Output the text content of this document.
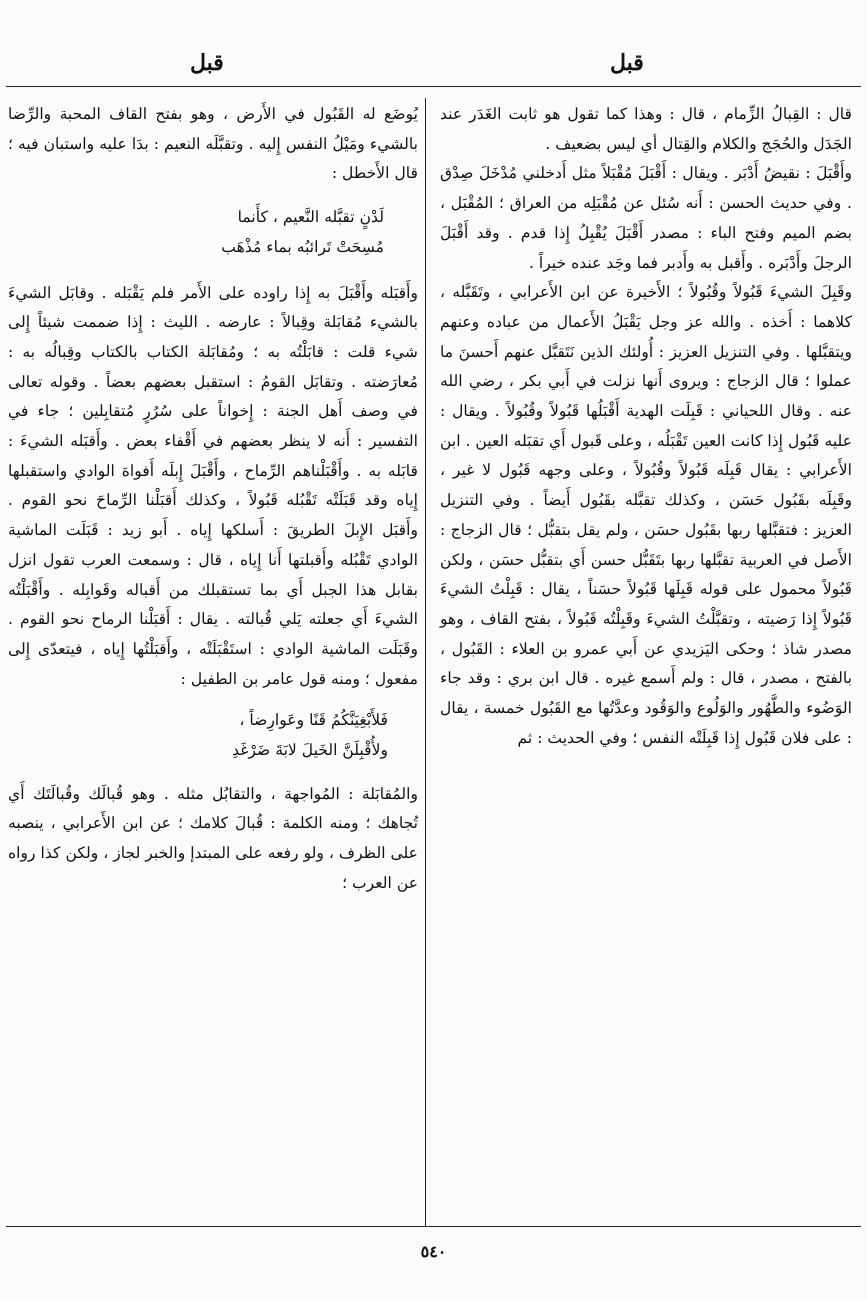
قبل	قبل

قال : القِبالُ الزِّمام ، قال : وهذا كما تقول هو ثابت الغَدَر عند الجَدَل والحُجَج والكلام والقِتال أي ليس بضعيف .

وأَقْبَلَ : نقيضُ أَدْبَر . ويقال : أَقْبَلَ مُقْبَلاً مثل أَدخلني مُدْخَلَ صِدْق . وفي حديث الحسن : أَنه سُئل عن مُقْبَلِه من العراق ؛ المُقْبَل ، بضم الميم وفتح الباء : مصدر أَقْبَلَ يُقْبِلُ إِذا قدم . وقد أَقْبَلَ الرجلَ وأَدْبَره . وأَقبل به وأَدبر فما وجَد عنده خيراً .

وقَبِلَ الشيءَ قَبُولاً وقُبُولاً ؛ الأَخيرة عن ابن الأَعرابي ، وتَقَبَّله ، كلاهما : أَخذه . والله عز وجل يَقْبَلُ الأَعمال من عباده وعنهم ويتقبَّلها . وفي التنزيل العزيز : أُولئك الذين نَتَقبَّل عنهم أَحسنَ ما عملوا ؛ قال الزجاج : ويروى أَنها نزلت في أَبي بكر ، رضي الله عنه . وقال اللحياني : قَبِلَت الهدية أَقْبَلُها قَبُولاً وقُبُولاً . ويقال : عليه قَبُول إِذا كانت العين تَقْبَلُه ، وعلى قَبول أَي تقبَله العين . ابن الأَعرابي : يقال قَبِلَه قَبُولاً وقُبُولاً ، وعلى وجهه قَبُول لا غير ، وقَبِلَه بقَبُول حَسَن ، وكذلك تقبَّله بقَبُول أَيضاً . وفي التنزيل العزيز : فتقبَّلها ربها بقَبُول حسَن ، ولم يقل بتقبُّل ؛ قال الزجاج : الأَصل في العربية تقبَّلها ربها بتَقَبُّل حسن أَي بتقبُّل حسَن ، ولكن قَبُولاً محمول على قوله قَبِلَها قَبُولاً حسَناً ، يقال : قَبِلْتُ الشيءَ قَبُولاً إِذا رَضيته ، وتقبَّلْتُ الشيءَ وقَبِلْتُه قَبُولاً ، بفتح القاف ، وهو مصدر شاذ ؛ وحكى اليَزيدي عن أَبي عمرو بن العلاء : القَبُول ، بالفتح ، مصدر ، قال : ولم أَسمع غيره . قال ابن بري : وقد جاء الوَضُوء والطَّهُور والوَلُوع والوَقُود وعدَّتُها مع القَبُول خمسة ، يقال : على فلان قَبُول إِذا قَبِلَتْه النفس ؛ وفي الحديث : ثم

يُوضَع له القَبُول في الأَرض ، وهو بفتح القاف المحبة والرِّضا بالشيء ومَيْلُ النفس إِليه . وتقبَّلَه النعيم : بدَا عليه واستبان فيه ؛ قال الأَخطل :

لَدْنٍ تقبَّله النَّعيم ، كأَنما
مُسِحَتْ تَرائبُه بماء مُذْهَب

وأَقبَله وأَقْبَلَ به إِذا راوده على الأَمر فلم يَقْبَله . وقابَل الشيءَ بالشيء مُقابَلة وقِبالاً : عارضه . الليث : إِذا ضممت شيئاً إِلى شيء قلت : قابَلْتُه به ؛ ومُقابَلة الكتاب بالكتاب وقِبالُه به : مُعارَضته . وتقابَل القومُ : استقبل بعضهم بعضاً . وقوله تعالى في وصف أَهل الجنة : إِخواناً على سُرُرٍ مُتقابِلين ؛ جاء في التفسير : أَنه لا ينظر بعضهم في أَقْفاء بعض . وأَقبَله الشيءَ : قابَله به . وأَقْبَلْناهم الرِّماح ، وأَقْبَلَ إِبلَه أَفواهَ الوادي واستقبلها إِياه وقد قَبَلَتْه تَقْبُله قَبُولاً ، وكذلك أَقبَلْنا الرِّماحَ نحو القوم . وأَقبَل الإِبلَ الطريقَ : أَسلكها إِياه . أَبو زيد : قَبَلَت الماشية الوادي تَقْبُله وأَقبلتها أَنا إِياه ، قال : وسمعت العرب تقول انزل بقابل هذا الجبل أَي بما تستقبلك من أَقباله وقَوابِله . وأَقْبَلْتُه الشيءَ أَي جعلته يَلي قُبالته . يقال : أَقبَلْنا الرماح نحو القوم . وقَبَلَت الماشية الوادي : استَقْبَلَتْه ، وأَقبَلْتُها إِياه ، فيتعدّى إِلى مفعول ؛ ومنه قول عامر بن الطفيل :

فَلأَبْغِيَنَّكُمُ قَنًا وعَوارِضاً ،
ولأُقْبِلَنَّ الخَيلَ لابَةَ ضَرْغَدِ

والمُقابَلة : المُواجهة ، والتقابُل مثله . وهو قُبالَك وقُبالَتَك أَي تُجاهك ؛ ومنه الكلمة : قُبالَ كلامك ؛ عن ابن الأَعرابي ، ينصبه على الظرف ، ولو رفعه على المبتدإ والخبر لجاز ، ولكن كذا رواه عن العرب ؛

٥٤٠
